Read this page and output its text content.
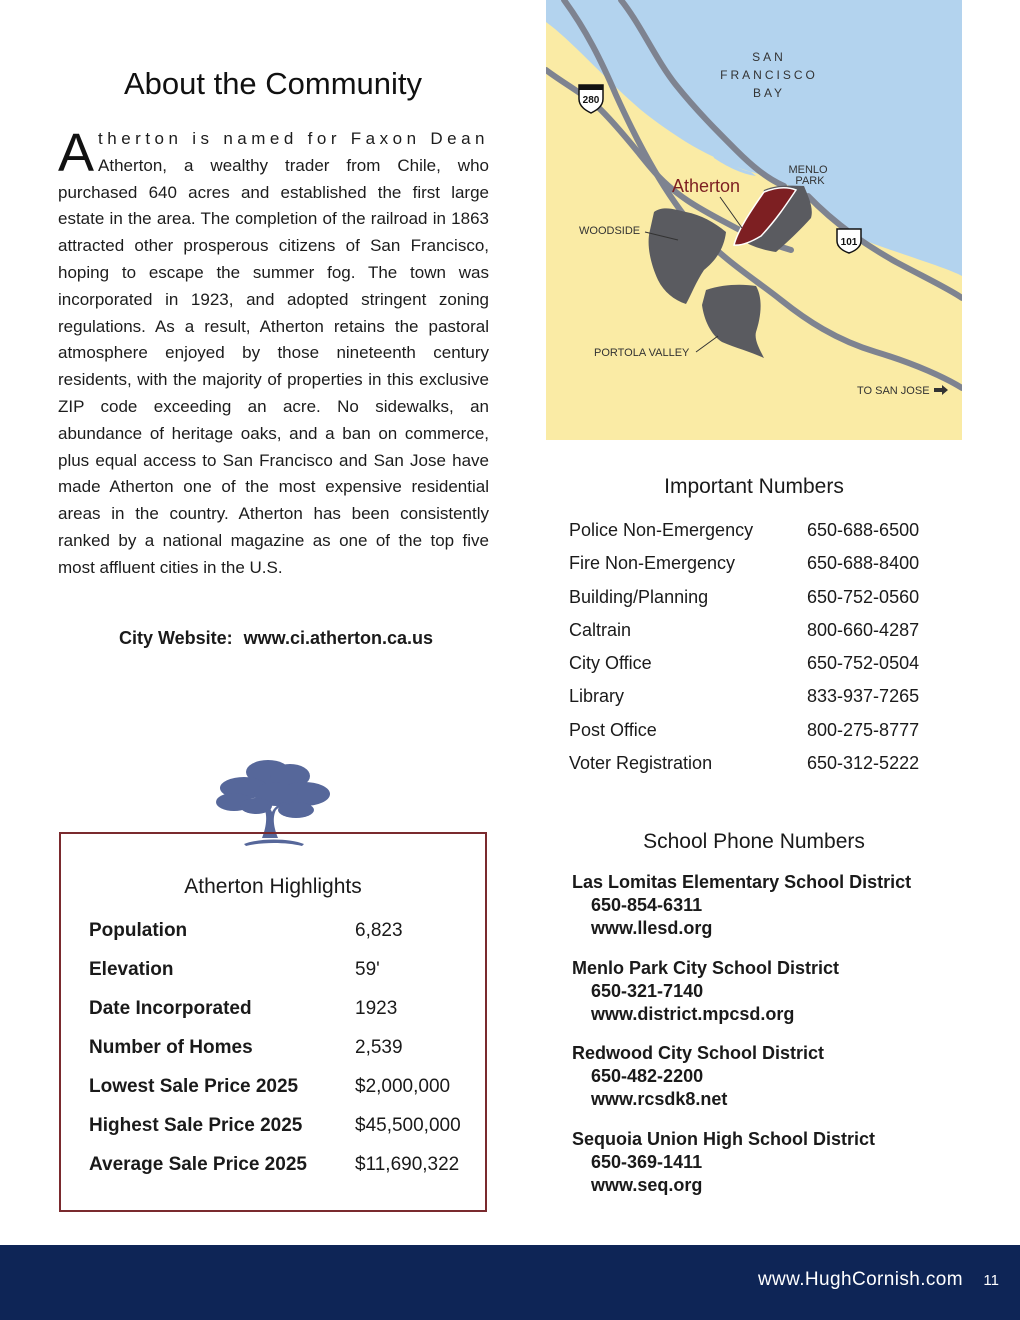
About the Community
Atherton is named for Faxon Dean Atherton, a wealthy trader from Chile, who purchased 640 acres and established the first large estate in the area. The completion of the railroad in 1863 attracted other prosperous citizens of San Francisco, hoping to escape the summer fog. The town was incorporated in 1923, and adopted stringent zoning regulations. As a result, Atherton retains the pastoral atmosphere enjoyed by those nineteenth century residents, with the majority of properties in this exclusive ZIP code exceeding an acre. No sidewalks, an abundance of heritage oaks, and a ban on commerce, plus equal access to San Francisco and San Jose have made Atherton one of the most expensive residential areas in the country. Atherton has been consistently ranked by a national magazine as one of the top five most affluent cities in the U.S.
City Website: www.ci.atherton.ca.us
280
101
SAN
FRANCISCO
BAY
MENLO
PARK
WOODSIDE
PORTOLA VALLEY
TO SAN JOSE
Atherton
Important Numbers
Police Non-Emergency	650-688-6500
Fire Non-Emergency	650-688-8400
Building/Planning	650-752-0560
Caltrain	800-660-4287
City Office	650-752-0504
Library	833-937-7265
Post Office	800-275-8777
Voter Registration	650-312-5222
Atherton Highlights
Population	6,823
Elevation	59'
Date Incorporated	1923
Number of Homes	2,539
Lowest Sale Price 2025	$2,000,000
Highest Sale Price 2025	$45,500,000
Average Sale Price 2025	$11,690,322
School Phone Numbers
Las Lomitas Elementary School District
650-854-6311
www.llesd.org
Menlo Park City School District
650-321-7140
www.district.mpcsd.org
Redwood City School District
650-482-2200
www.rcsdk8.net
Sequoia Union High School District
650-369-1411
www.seq.org
www.HughCornish.com 11
